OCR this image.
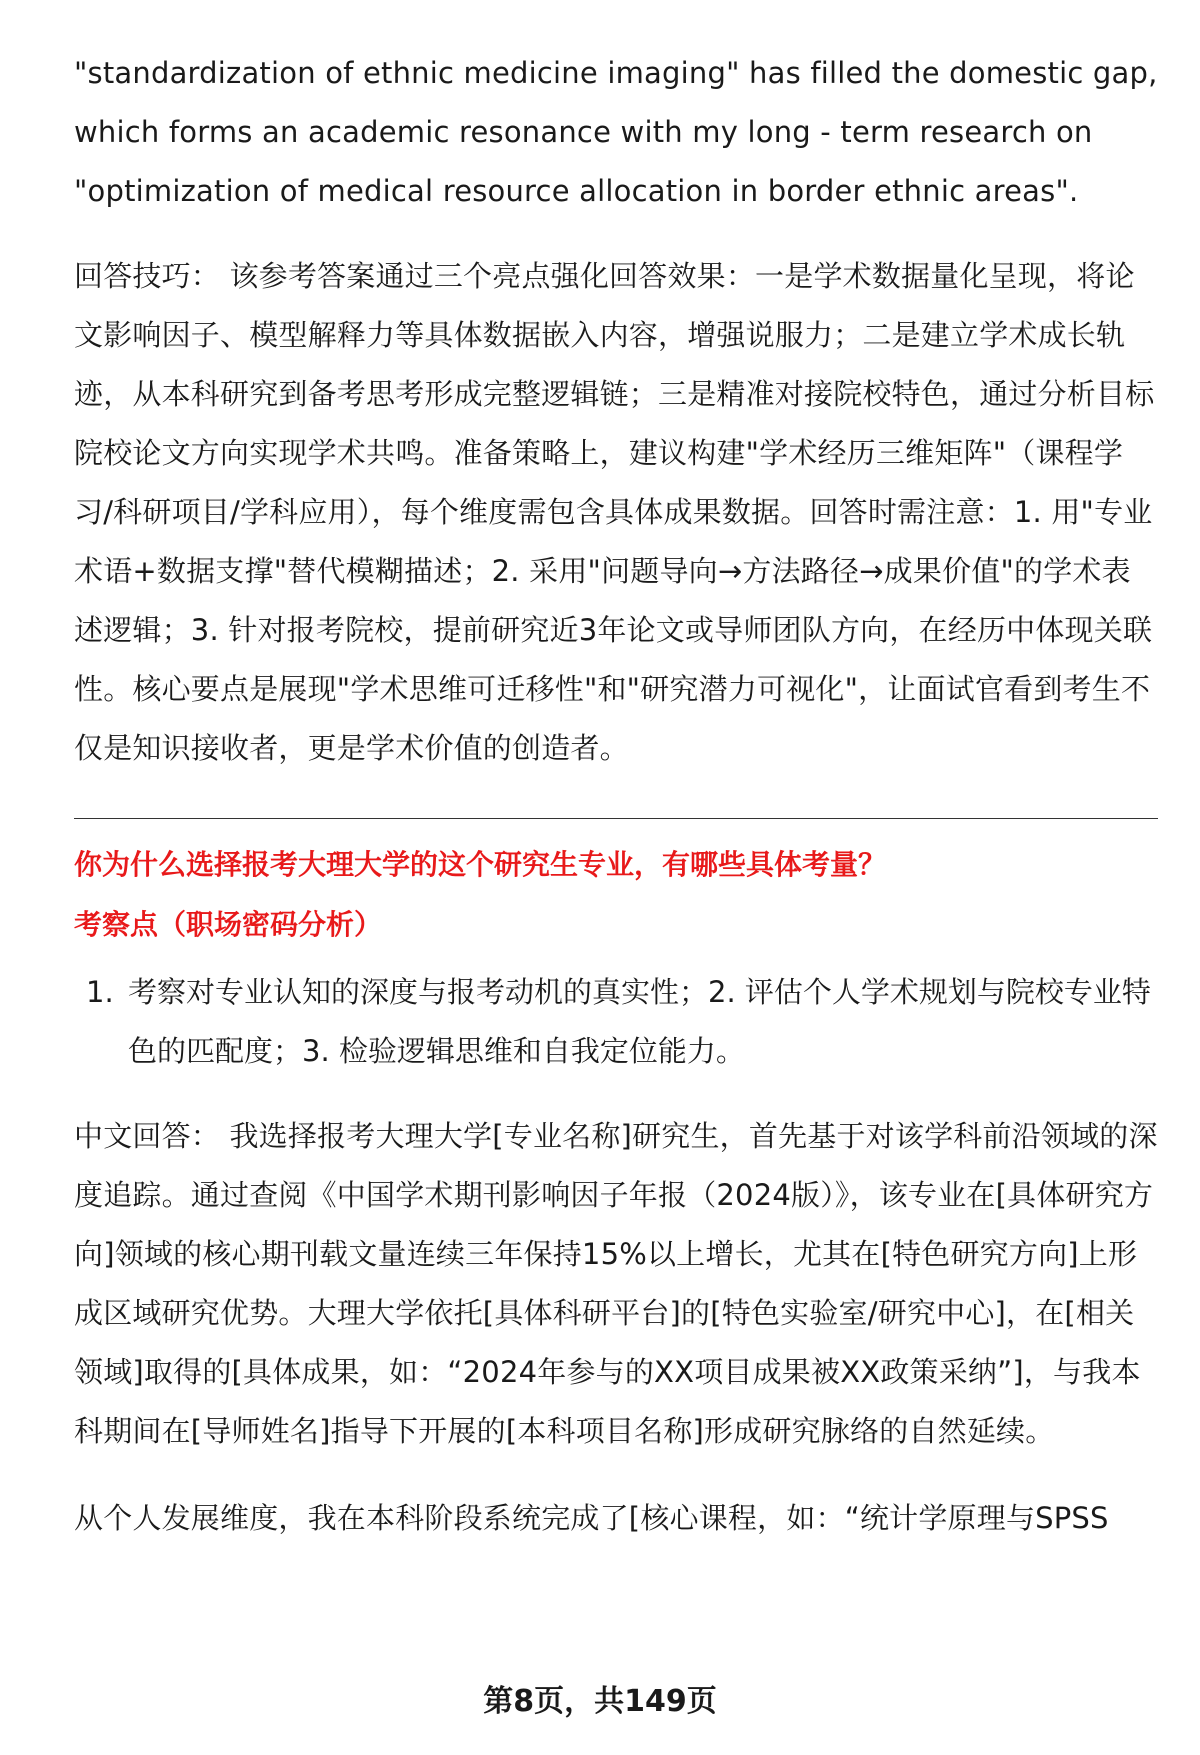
"standardization of ethnic medicine imaging" has filled the domestic gap, which forms an academic resonance with my long - term research on "optimization of medical resource allocation in border ethnic areas".

回答技巧： 该参考答案通过三个亮点强化回答效果：一是学术数据量化呈现，将论文影响因子、模型解释力等具体数据嵌入内容，增强说服力；二是建立学术成长轨迹，从本科研究到备考思考形成完整逻辑链；三是精准对接院校特色，通过分析目标院校论文方向实现学术共鸣。准备策略上，建议构建"学术经历三维矩阵"（课程学习/科研项目/学科应用），每个维度需包含具体成果数据。回答时需注意：1. 用"专业术语+数据支撑"替代模糊描述；2. 采用"问题导向→方法路径→成果价值"的学术表述逻辑；3. 针对报考院校，提前研究近3年论文或导师团队方向，在经历中体现关联性。核心要点是展现"学术思维可迁移性"和"研究潜力可视化"，让面试官看到考生不仅是知识接收者，更是学术价值的创造者。

你为什么选择报考大理大学的这个研究生专业，有哪些具体考量？
考察点（职场密码分析）
1. 考察对专业认知的深度与报考动机的真实性；2. 评估个人学术规划与院校专业特色的匹配度；3. 检验逻辑思维和自我定位能力。

中文回答： 我选择报考大理大学[专业名称]研究生，首先基于对该学科前沿领域的深度追踪。通过查阅《中国学术期刊影响因子年报（2024版）》，该专业在[具体研究方向]领域的核心期刊载文量连续三年保持15%以上增长，尤其在[特色研究方向]上形成区域研究优势。大理大学依托[具体科研平台]的[特色实验室/研究中心]，在[相关领域]取得的[具体成果，如：“2024年参与的XX项目成果被XX政策采纳”]，与我本科期间在[导师姓名]指导下开展的[本科项目名称]形成研究脉络的自然延续。

从个人发展维度，我在本科阶段系统完成了[核心课程，如：“统计学原理与SPSS

第8页，共149页
